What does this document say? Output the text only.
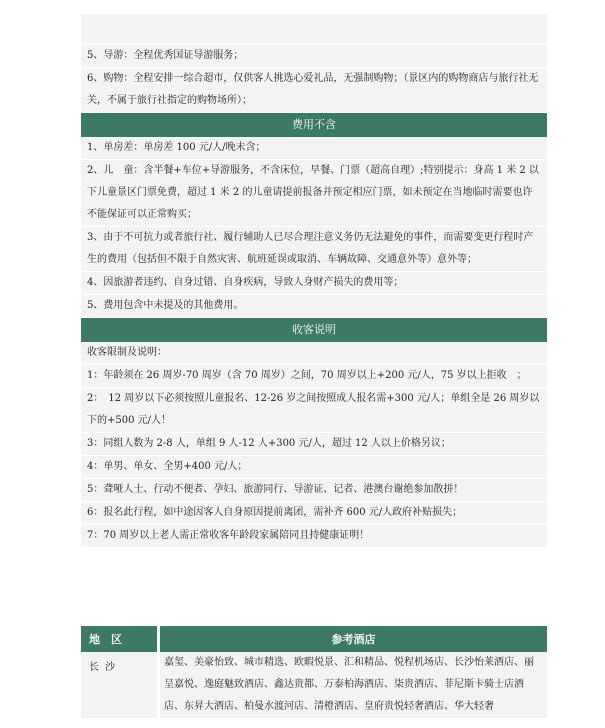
5、导游：全程优秀国证导游服务；
6、购物：全程安排一综合超市，仅供客人挑选心爱礼品，无强制购物；（景区内的购物商店与旅行社无关，不属于旅行社指定的购物场所）；
费用不含
1、单房差：单房差 100 元/人/晚未含；
2、儿　童：含半餐+车位+导游服务，不含床位，早餐、门票（超高自理）;特别提示：身高 1 米 2 以下儿童景区门票免费，超过 1 米 2 的儿童请提前报备并预定相应门票，如未预定在当地临时需要也许不能保证可以正常购买；
3、由于不可抗力或者旅行社、履行辅助人已尽合理注意义务仍无法避免的事件，而需要变更行程时产生的费用（包括但不限于自然灾害、航班延误或取消、车辆故障、交通意外等）意外等；
4、因旅游者违约、自身过错、自身疾病，导致人身财产损失的费用等；
5、费用包含中未提及的其他费用。
收客说明
收客限制及说明：
1：年龄须在 26 周岁-70 周岁（含 70 周岁）之间，70 周岁以上+200 元/人，75 岁以上拒收　；
2：　12 周岁以下必须按照儿童报名、12-26 岁之间按照成人报名需+300 元/人；单组全是 26 周岁以下的+500 元/人！
3：同组人数为 2-8 人，单组 9 人-12 人+300 元/人，超过 12 人以上价格另议；
4：单男、单女、全男+400 元/人；
5：聋哑人士、行动不便者、孕妇、旅游同行、导游证、记者、港澳台谢绝参加散拼！
6：报名此行程，如中途因客人自身原因提前离团，需补齐 600 元/人政府补贴损失；
7：70 周岁以上老人需正常收客年龄段家属陪同且持健康证明！
地　区	参考酒店
长沙	嘉玺、美豪怡致、城市精选、欧暇悦景、汇和精品、悦程机场店、长沙怡莱酒店、丽呈嘉悦、逸庭魅致酒店、鑫达贵都、万泰柏海酒店、柒贵酒店、菲尼斯卡骑士店酒店、东昇大酒店、柏曼水渡河店、清橙酒店、皇府贵悦轻奢酒店、华大轻奢
